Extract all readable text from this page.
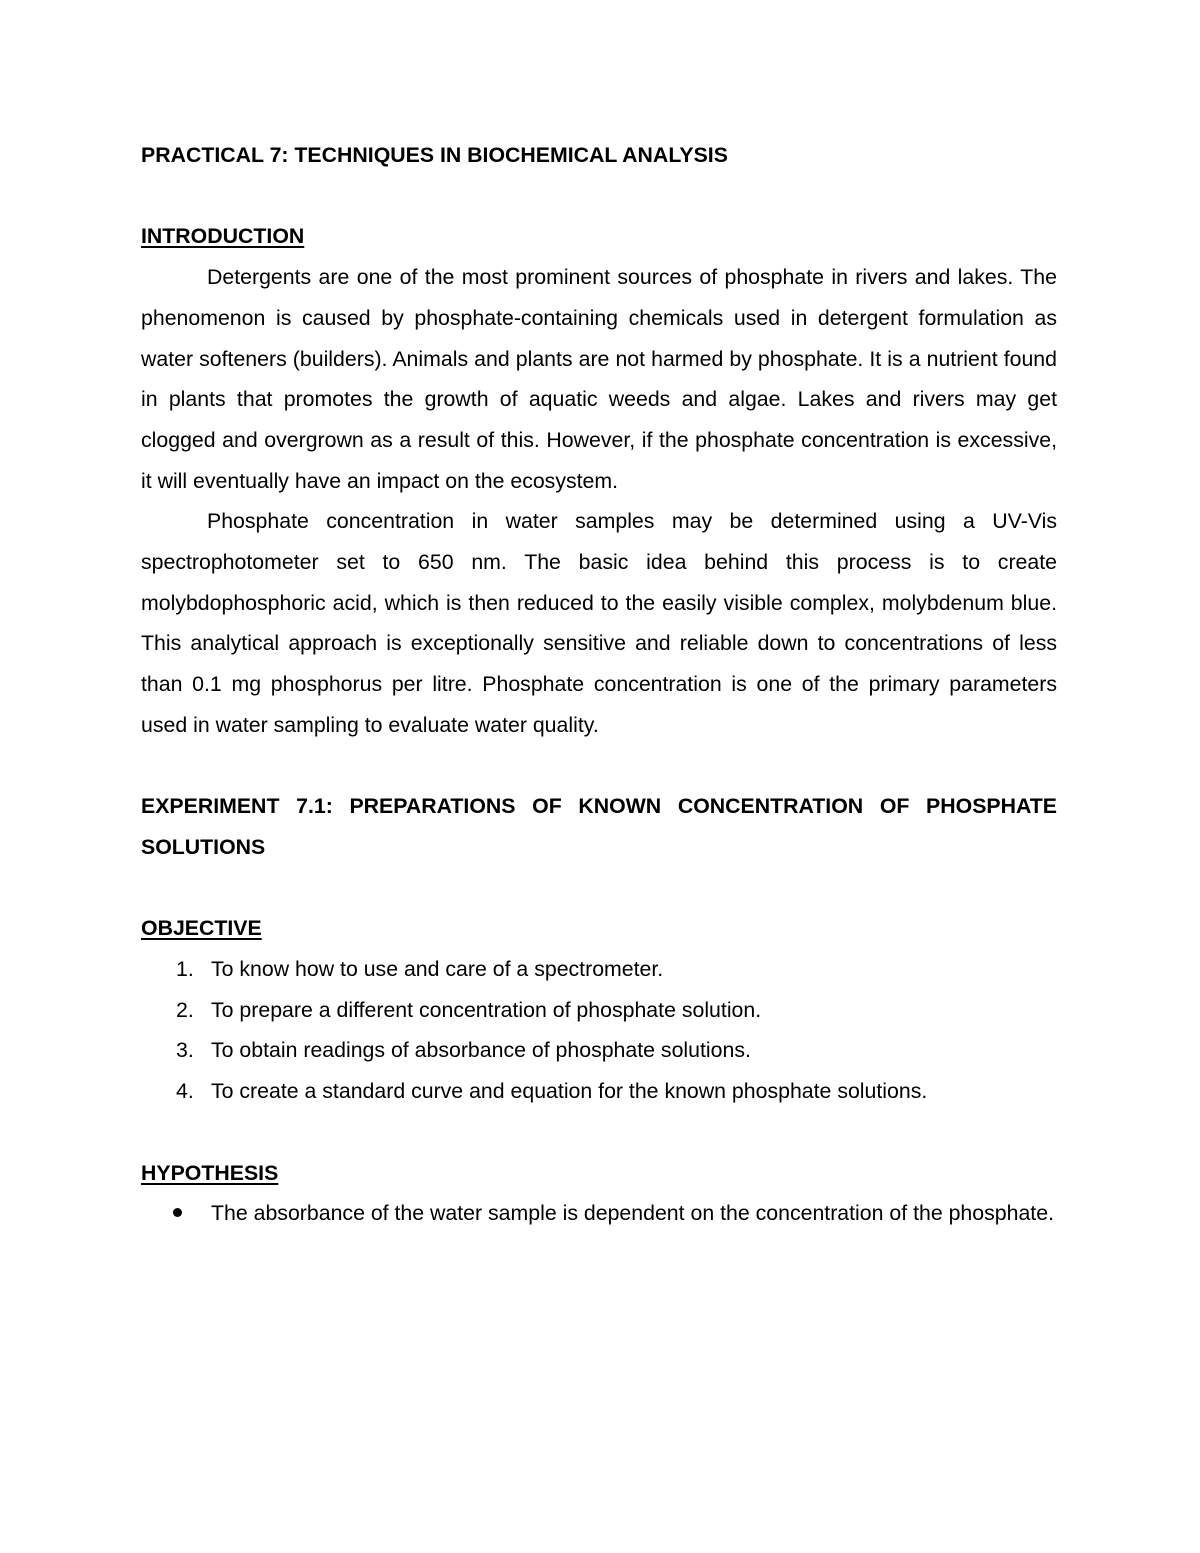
PRACTICAL 7: TECHNIQUES IN BIOCHEMICAL ANALYSIS
INTRODUCTION
Detergents are one of the most prominent sources of phosphate in rivers and lakes. The phenomenon is caused by phosphate-containing chemicals used in detergent formulation as water softeners (builders). Animals and plants are not harmed by phosphate. It is a nutrient found in plants that promotes the growth of aquatic weeds and algae. Lakes and rivers may get clogged and overgrown as a result of this. However, if the phosphate concentration is excessive, it will eventually have an impact on the ecosystem.
Phosphate concentration in water samples may be determined using a UV-Vis spectrophotometer set to 650 nm. The basic idea behind this process is to create molybdophosphoric acid, which is then reduced to the easily visible complex, molybdenum blue. This analytical approach is exceptionally sensitive and reliable down to concentrations of less than 0.1 mg phosphorus per litre. Phosphate concentration is one of the primary parameters used in water sampling to evaluate water quality.
EXPERIMENT 7.1: PREPARATIONS OF KNOWN CONCENTRATION OF PHOSPHATE SOLUTIONS
OBJECTIVE
1. To know how to use and care of a spectrometer.
2. To prepare a different concentration of phosphate solution.
3. To obtain readings of absorbance of phosphate solutions.
4. To create a standard curve and equation for the known phosphate solutions.
HYPOTHESIS
The absorbance of the water sample is dependent on the concentration of the phosphate.
